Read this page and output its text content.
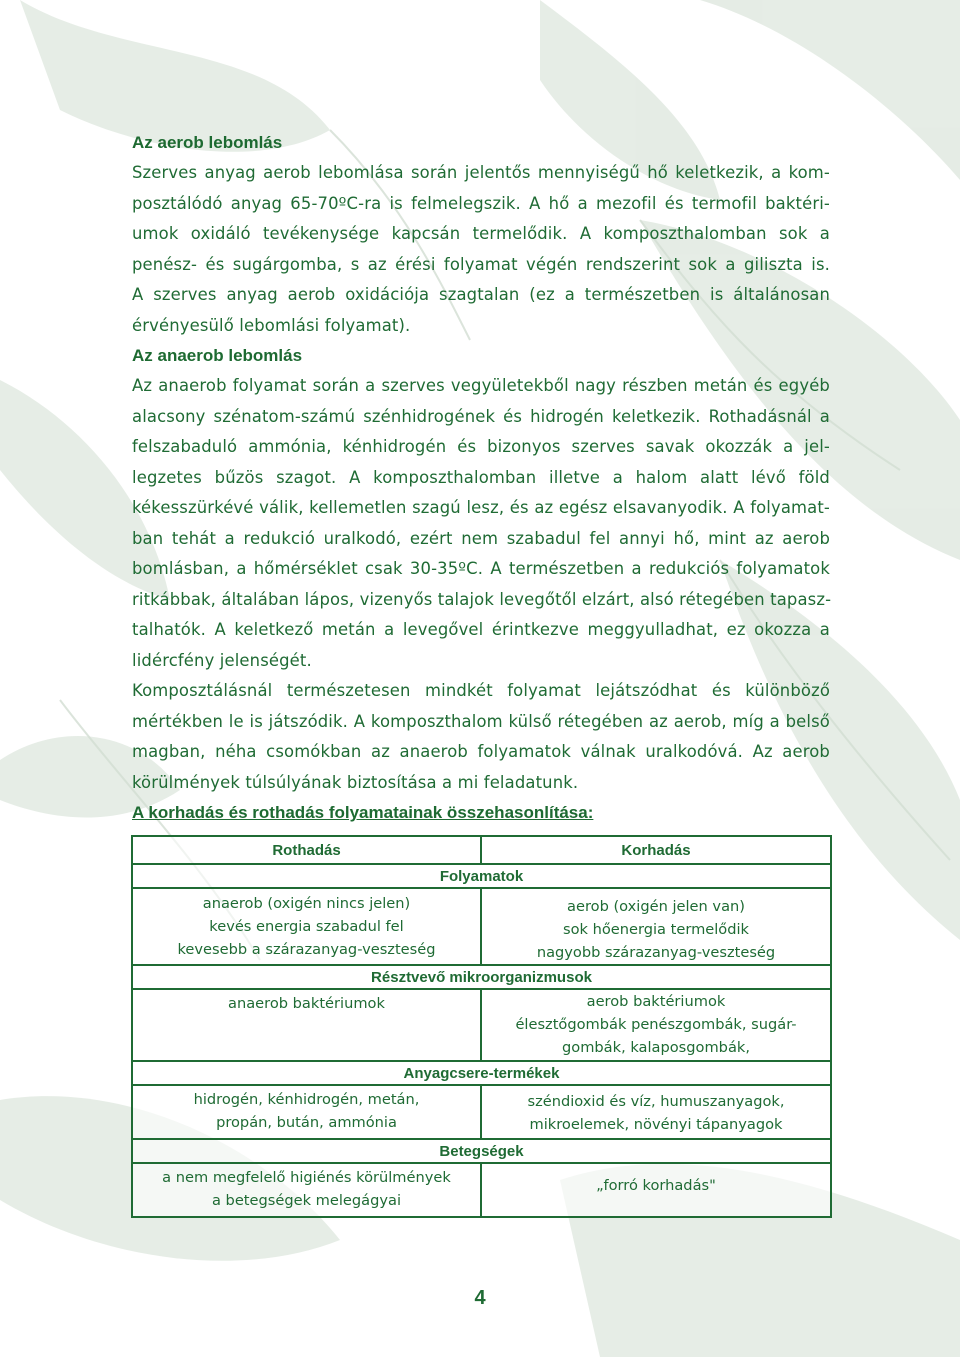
Az aerob lebomlás
Szerves anyag aerob lebomlása során jelentős mennyiségű hő keletkezik, a kom-
posztálódó anyag 65-70ºC-ra is felmelegszik. A hő a mezofil és termofil baktéri-
umok oxidáló tevékenysége kapcsán termelődik. A komposzthalomban sok a
penész- és sugárgomba, s az érési folyamat végén rendszerint sok a giliszta is.
A szerves anyag aerob oxidációja szagtalan (ez a természetben is általánosan
érvényesülő lebomlási folyamat).
Az anaerob lebomlás
Az anaerob folyamat során a szerves vegyületekből nagy részben metán és egyéb
alacsony szénatom-számú szénhidrogének és hidrogén keletkezik. Rothadásnál a
felszabaduló ammónia, kénhidrogén és bizonyos szerves savak okozzák a jel-
legzetes bűzös szagot. A komposzthalomban illetve a halom alatt lévő föld
kékesszürkévé válik, kellemetlen szagú lesz, és az egész elsavanyodik. A folyamat-
ban tehát a redukció uralkodó, ezért nem szabadul fel annyi hő, mint az aerob
bomlásban, a hőmérséklet csak 30-35ºC. A természetben a redukciós folyamatok
ritkábbak, általában lápos, vizenyős talajok levegőtől elzárt, alsó rétegében tapasz-
talhatók. A keletkező metán a levegővel érintkezve meggyulladhat, ez okozza a
lidércfény jelenségét.
Komposztálásnál természetesen mindkét folyamat lejátszódhat és különböző
mértékben le is játszódik. A komposzthalom külső rétegében az aerob, míg a belső
magban, néha csomókban az anaerob folyamatok válnak uralkodóvá. Az aerob
körülmények túlsúlyának biztosítása a mi feladatunk.
A korhadás és rothadás folyamatainak összehasonlítása:
Rothadás	Korhadás
Folyamatok	

anaerob (oxigén nincs jelen)
kevés energia szabadul fel
kevesebb a szárazanyag-veszteség	aerob (oxigén jelen van)
sok hőenergia termelődik
nagyobb szárazanyag-veszteség

Résztvevő mikroorganizmusok	

anaerob baktériumok	aerob baktériumok
élesztőgombák penészgombák, sugár-
gombák, kalaposgombák,

Anyagcsere-termékek	

hidrogén, kénhidrogén, metán,
propán, bután, ammónia	széndioxid és víz, humuszanyagok,
mikroelemek, növényi tápanyagok

Betegségek	

a nem megfelelő higiénés körülmények
a betegségek melegágyai	„forró korhadás"
4
